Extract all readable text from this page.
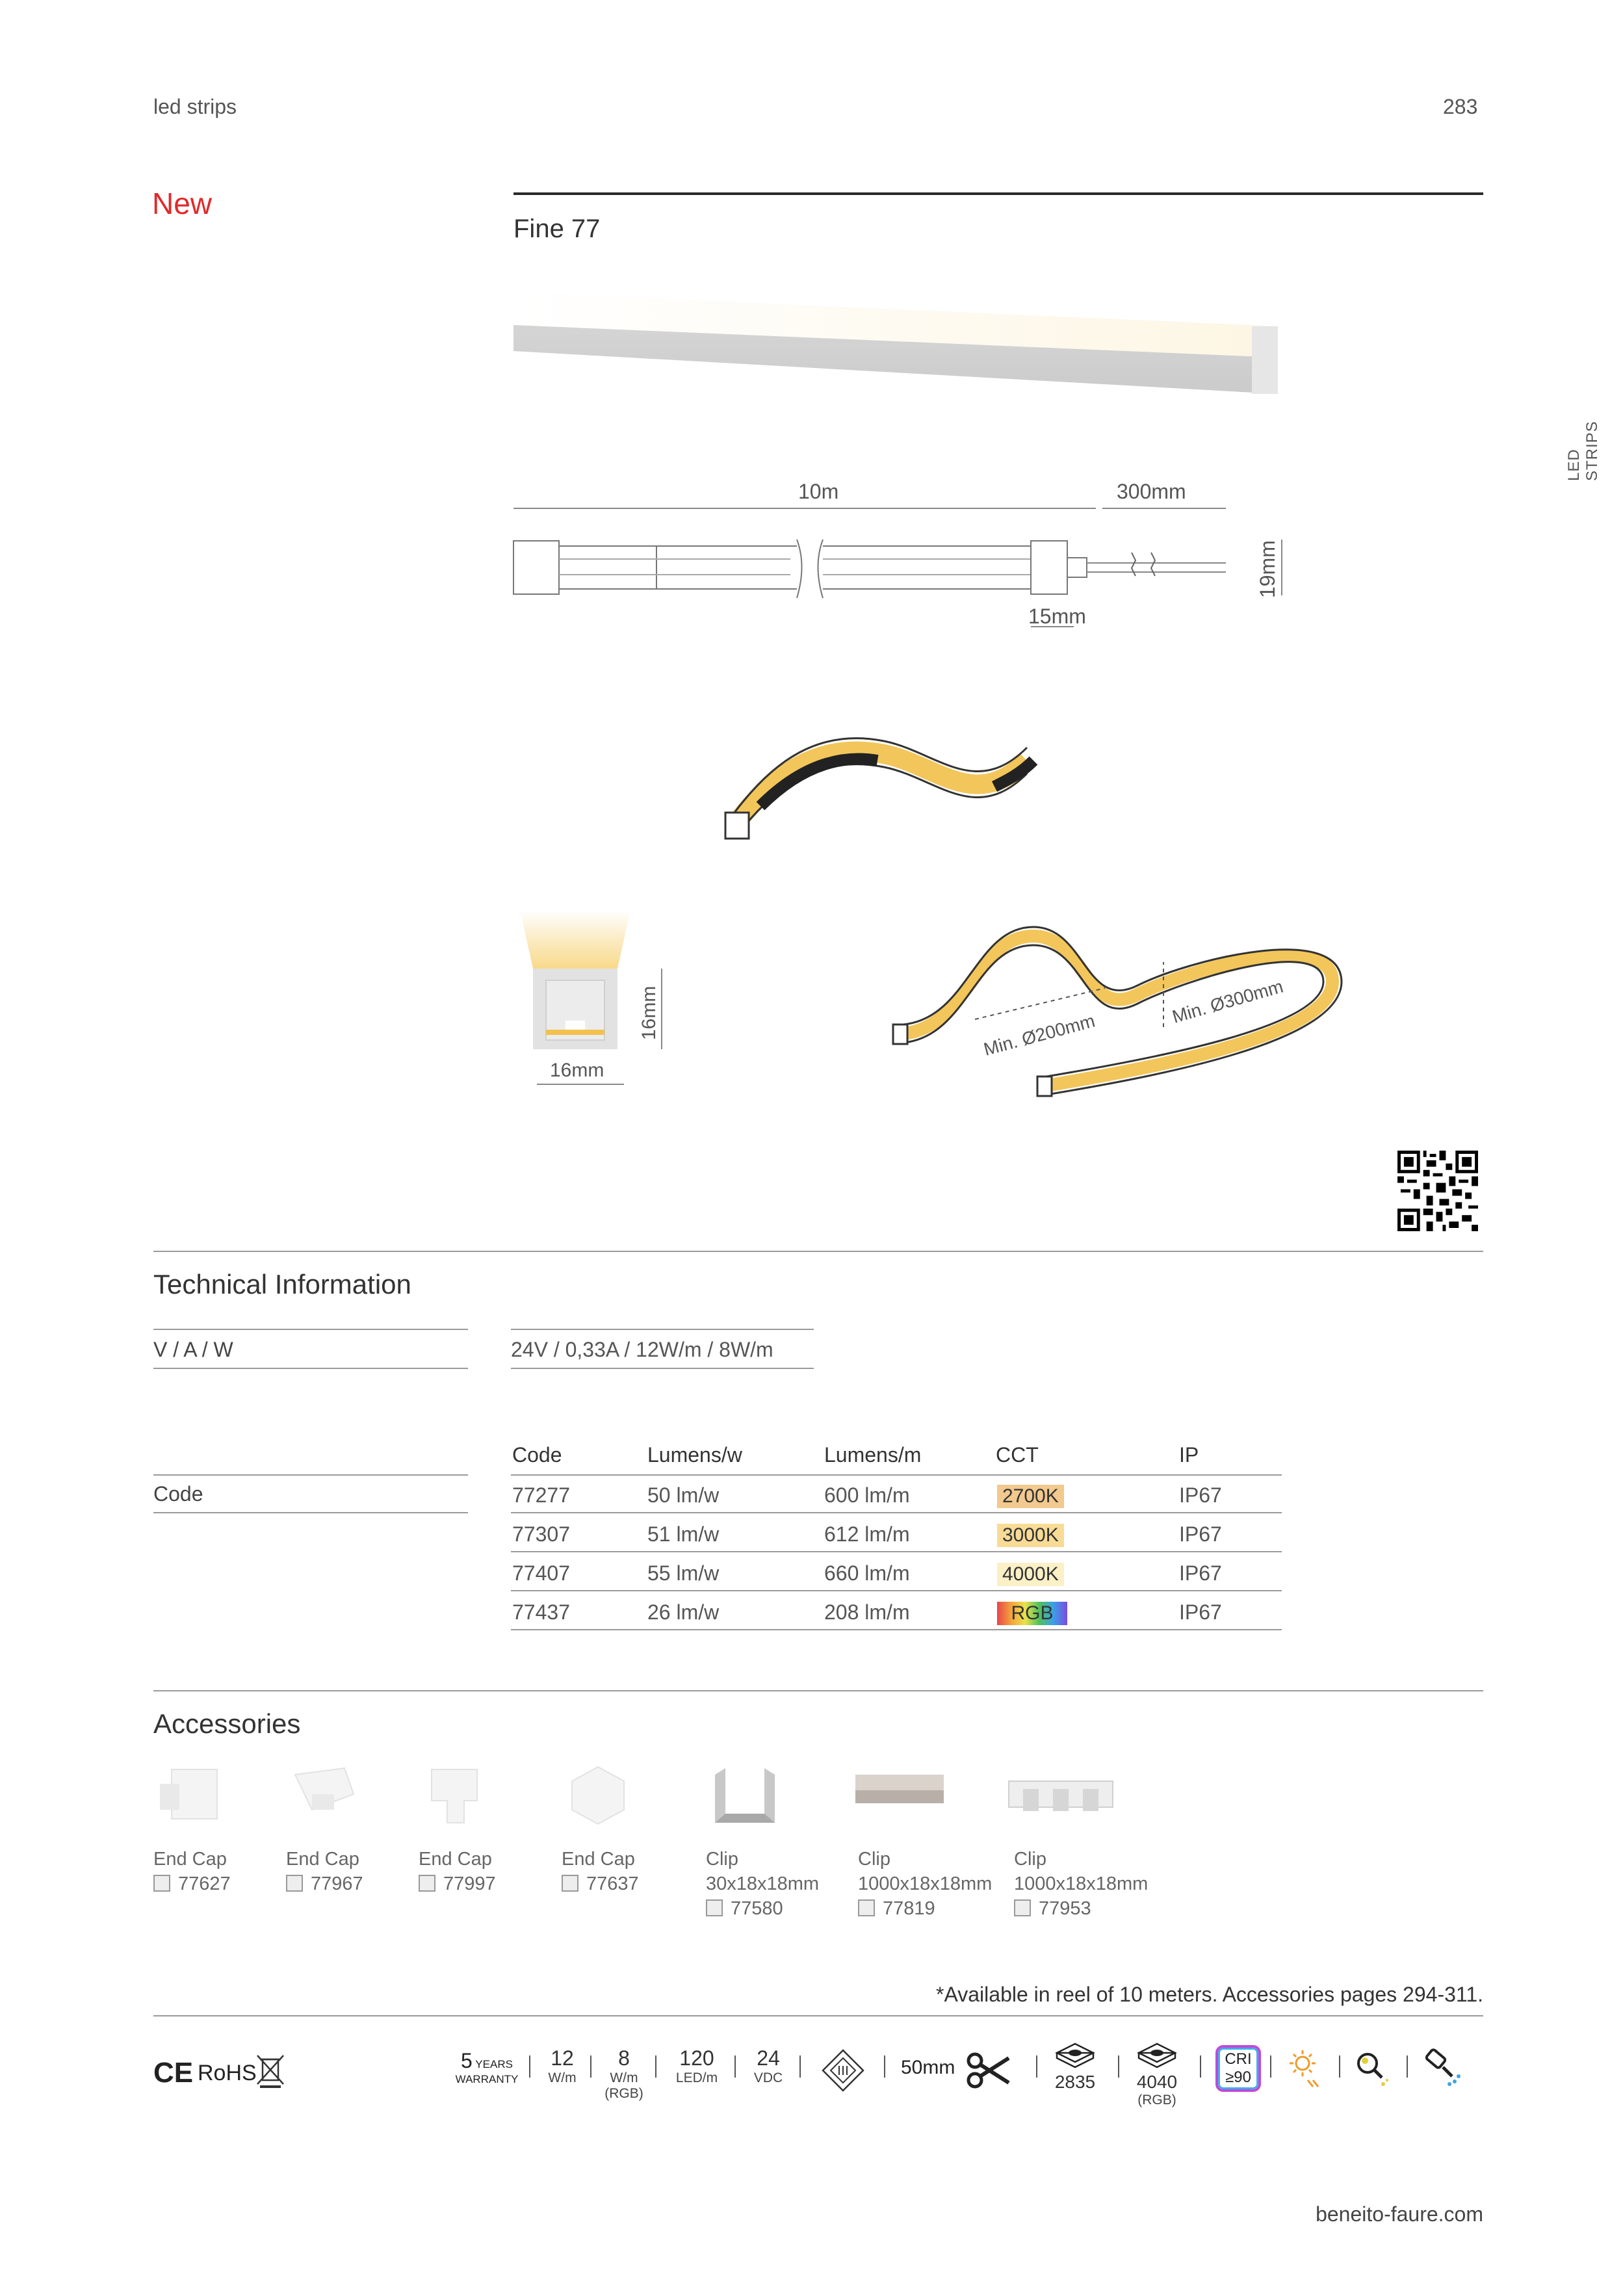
led strips	283
LED STRIPS
New
Fine 77
10m	300mm
19mm
15mm
16mm
16mm
Min. Ø200mm
Min. Ø300mm
Technical Information
V / A / W	24V / 0,33A / 12W/m / 8W/m
Code
Code	Lumens/w	Lumens/m	CCT	IP
77277	50 lm/w	600 lm/m	2700K	IP67
77307	51 lm/w	612 lm/m	3000K	IP67
77407	55 lm/w	660 lm/m	4000K	IP67
77437	26 lm/w	208 lm/m	RGB	IP67
Accessories
End Cap
77627
End Cap
77967
End Cap
77997
End Cap
77637
Clip
30x18x18mm
77580
Clip
1000x18x18mm
77819
Clip
1000x18x18mm
77953
*Available in reel of 10 meters. Accessories pages 294-311.
CE RoHS	5 YEARS
WARRANTY
12
W/m
8
W/m
(RGB)
120
LED/m
24
VDC	50mm
2835	4040
(RGB)
CRI
≥90
beneito-faure.com
